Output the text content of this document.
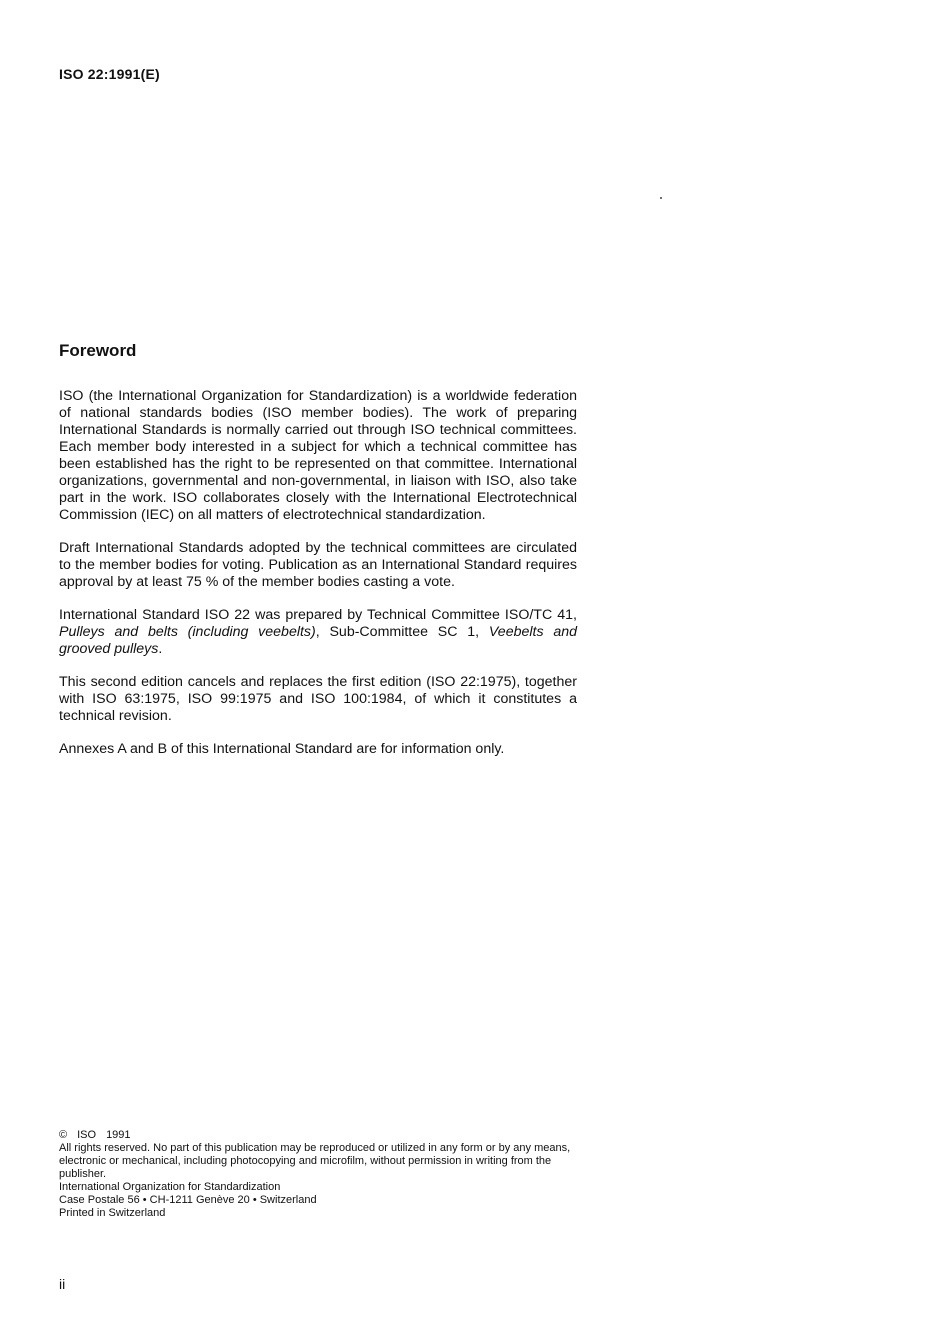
ISO 22:1991(E)
Foreword

ISO (the International Organization for Standardization) is a worldwide federation of national standards bodies (ISO member bodies). The work of preparing International Standards is normally carried out through ISO technical committees. Each member body interested in a subject for which a technical committee has been established has the right to be represented on that committee. International organizations, governmental and non-governmental, in liaison with ISO, also take part in the work. ISO collaborates closely with the International Electrotechnical Commission (IEC) on all matters of electrotechnical standardization.

Draft International Standards adopted by the technical committees are circulated to the member bodies for voting. Publication as an International Standard requires approval by at least 75 % of the member bodies casting a vote.

International Standard ISO 22 was prepared by Technical Committee ISO/TC 41, Pulleys and belts (including veebelts), Sub-Committee SC 1, Veebelts and grooved pulleys.

This second edition cancels and replaces the first edition (ISO 22:1975), together with ISO 63:1975, ISO 99:1975 and ISO 100:1984, of which it constitutes a technical revision.

Annexes A and B of this International Standard are for information only.

© ISO 1991
All rights reserved. No part of this publication may be reproduced or utilized in any form or by any means, electronic or mechanical, including photocopying and microfilm, without permission in writing from the publisher.
International Organization for Standardization
Case Postale 56 • CH-1211 Genève 20 • Switzerland
Printed in Switzerland
ii
